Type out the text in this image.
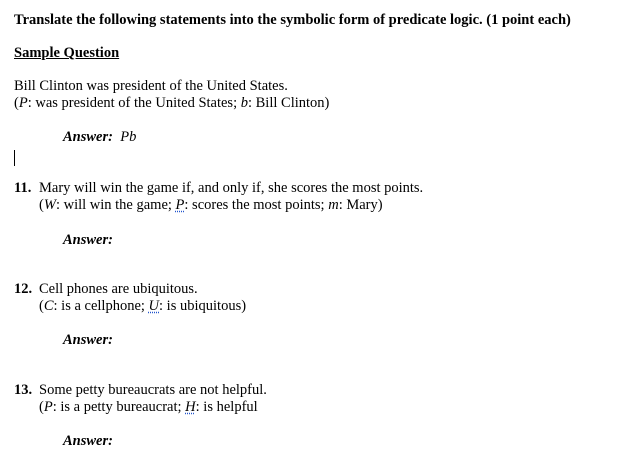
Translate the following statements into the symbolic form of predicate logic. (1 point each)
Sample Question
Bill Clinton was president of the United States.
(P: was president of the United States; b: Bill Clinton)
Answer: Pb
11. Mary will win the game if, and only if, she scores the most points.
(W: will win the game; P: scores the most points; m: Mary)
Answer:
12. Cell phones are ubiquitous.
(C: is a cellphone; U: is ubiquitous)
Answer:
13. Some petty bureaucrats are not helpful.
(P: is a petty bureaucrat; H: is helpful
Answer:
